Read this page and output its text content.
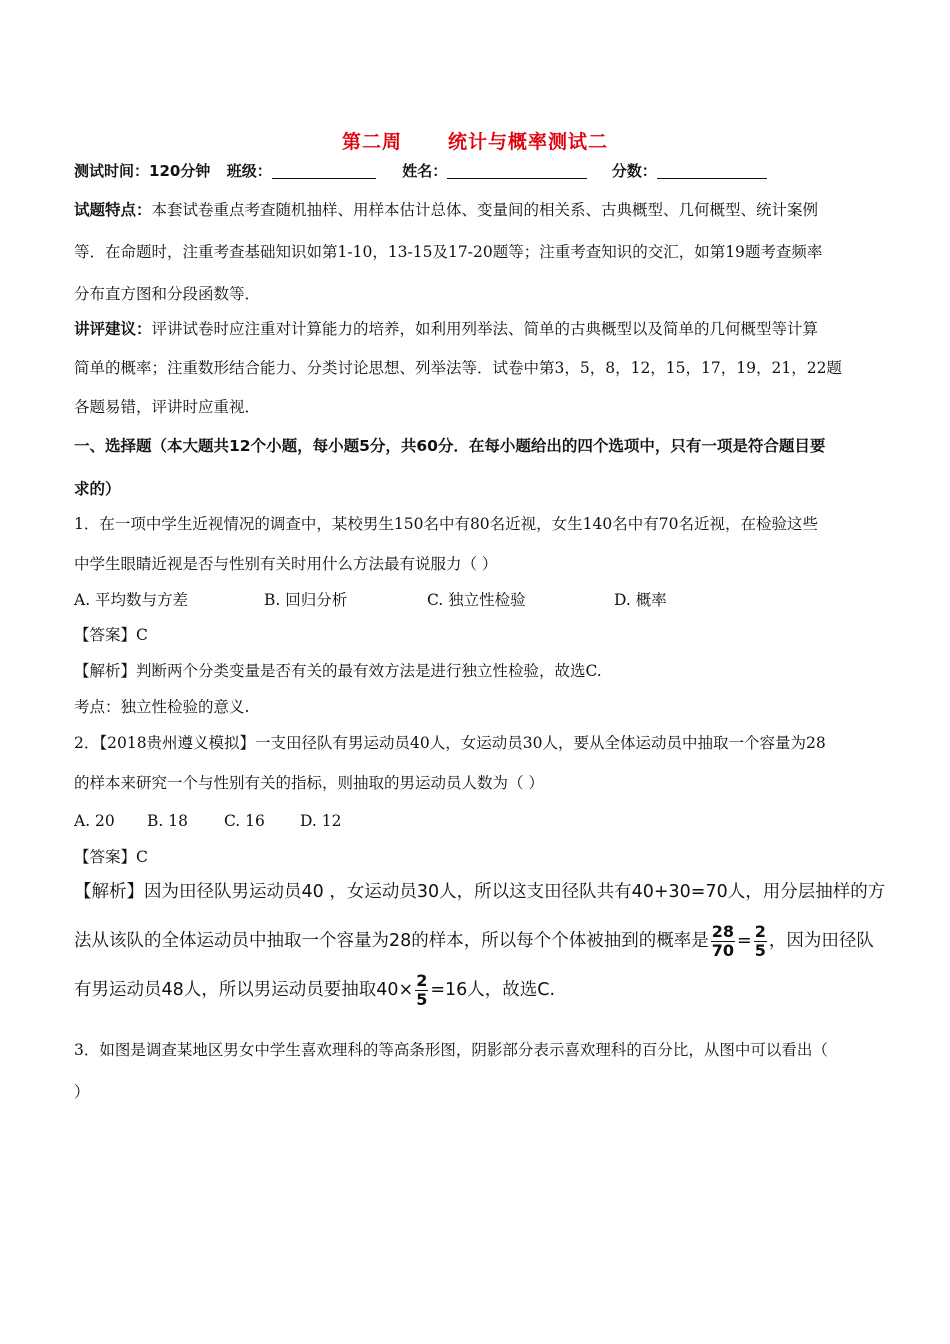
第二周 统计与概率测试二
测试时间：120分钟 班级：	姓名：	分数：
试题特点：本套试卷重点考查随机抽样、用样本估计总体、变量间的相关系、古典概型、几何概型、统计案例
等．在命题时，注重考查基础知识如第1-10，13-15及17-20题等；注重考查知识的交汇，如第19题考查频率
分布直方图和分段函数等．
讲评建议：评讲试卷时应注重对计算能力的培养，如利用列举法、简单的古典概型以及简单的几何概型等计算
简单的概率；注重数形结合能力、分类讨论思想、列举法等．试卷中第3，5，8，12，15，17，19，21，22题
各题易错，评讲时应重视．
一、选择题（本大题共12个小题，每小题5分，共60分．在每小题给出的四个选项中，只有一项是符合题目要
求的）
1．在一项中学生近视情况的调查中，某校男生150名中有80名近视，女生140名中有70名近视，在检验这些
中学生眼睛近视是否与性别有关时用什么方法最有说服力（ ）
A. 平均数与方差	B. 回归分析	C. 独立性检验	D. 概率
【答案】C
【解析】判断两个分类变量是否有关的最有效方法是进行独立性检验，故选C.
考点：独立性检验的意义.
2．【2018贵州遵义模拟】一支田径队有男运动员40人，女运动员30人，要从全体运动员中抽取一个容量为28
的样本来研究一个与性别有关的指标，则抽取的男运动员人数为（ ）
A. 20 B. 18 C. 16 D. 12
【答案】C
【解析】因为田径队男运动员40 ，女运动员30人，所以这支田径队共有40+30=70人，用分层抽样的方
法从该队的全体运动员中抽取一个容量为28的样本，所以每个个体被抽到的概率是 $\frac{28}{70} = \frac{2}{5}$ ，因为田径队
有男运动员48人，所以男运动员要抽取$40\times \frac{2}{5} =16$人，故选C.
3．如图是调查某地区男女中学生喜欢理科的等高条形图，阴影部分表示喜欢理科的百分比，从图中可以看出（
）
